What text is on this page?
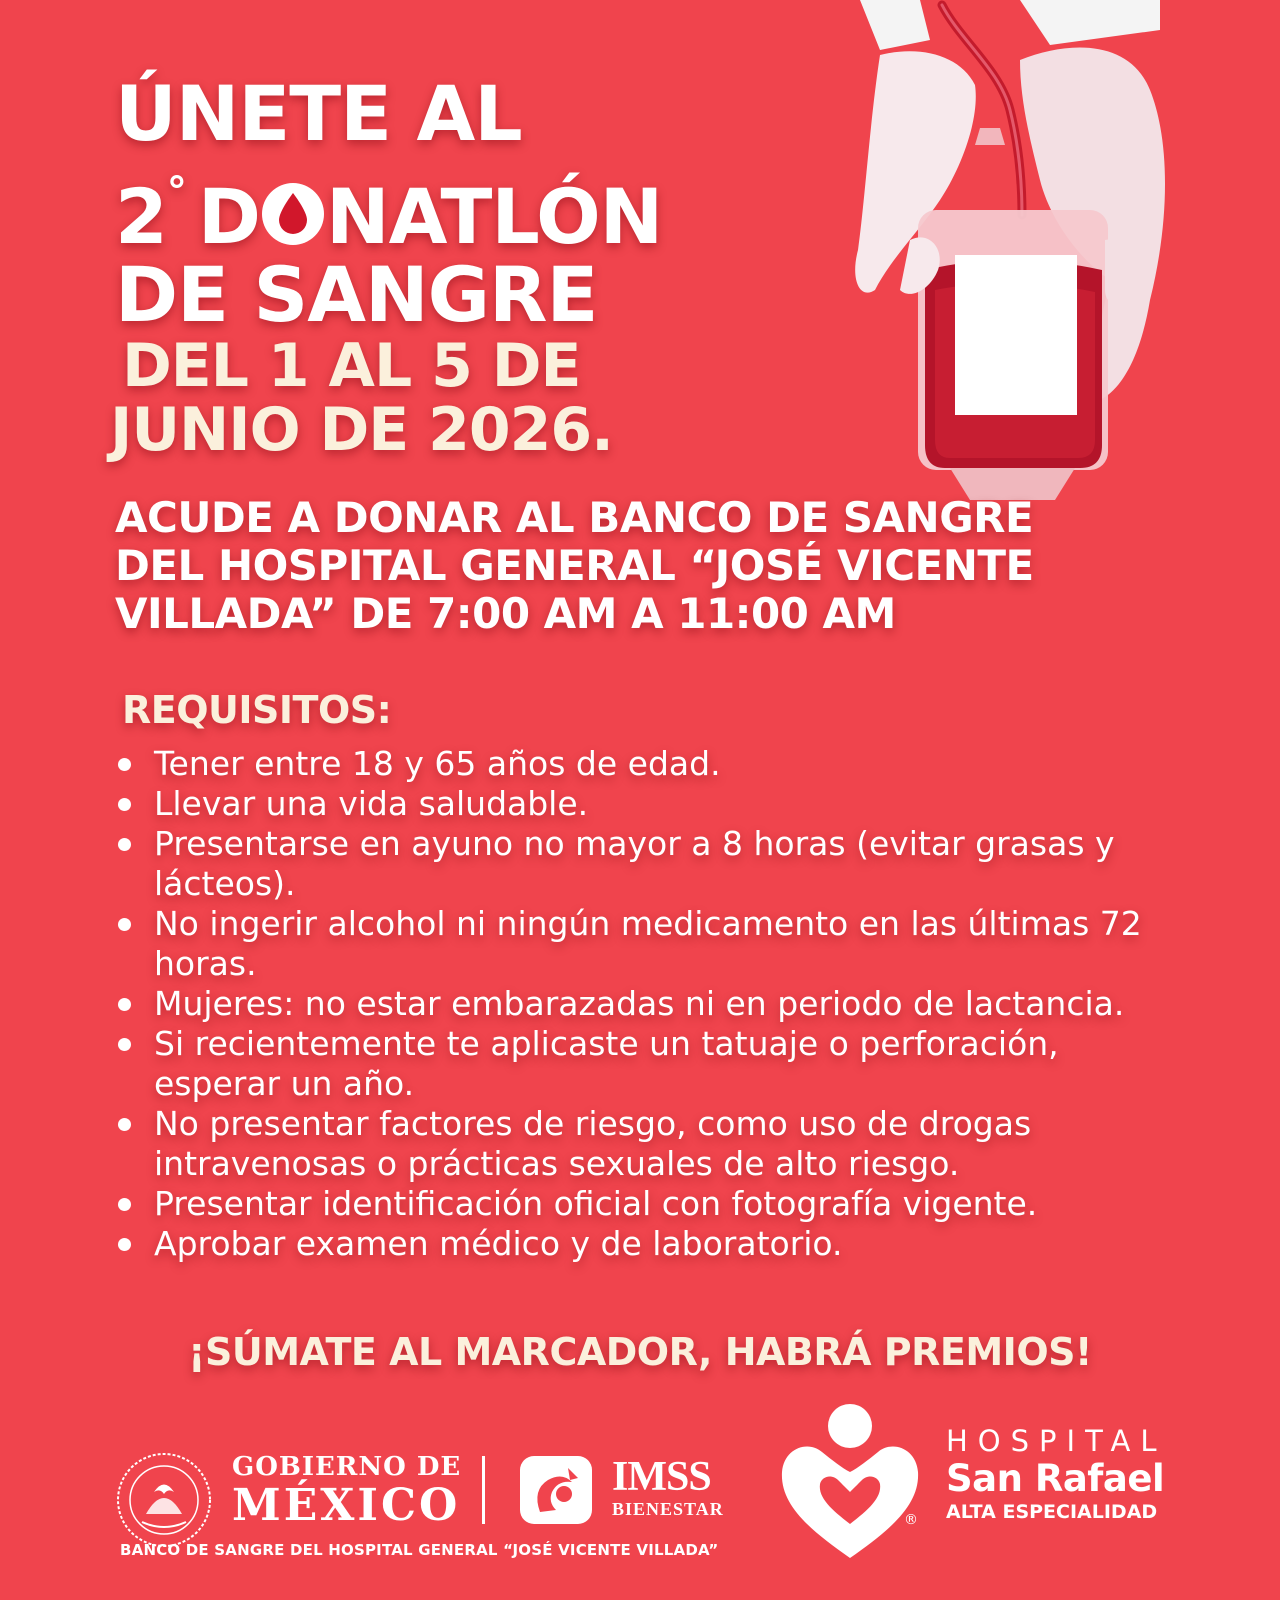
ÚNETE AL
2° D NATLÓN
DE SANGRE
DEL 1 AL 5 DE
JUNIO DE 2026.
ACUDE A DONAR AL BANCO DE SANGRE
DEL HOSPITAL GENERAL “JOSÉ VICENTE
VILLADA” DE 7:00 AM A 11:00 AM
REQUISITOS:
Tener entre 18 y 65 años de edad.
Llevar una vida saludable.
Presentarse en ayuno no mayor a 8 horas (evitar grasas y lácteos).
No ingerir alcohol ni ningún medicamento en las últimas 72 horas.
Mujeres: no estar embarazadas ni en periodo de lactancia.
Si recientemente te aplicaste un tatuaje o perforación, esperar un año.
No presentar factores de riesgo, como uso de drogas intravenosas o prácticas sexuales de alto riesgo.
Presentar identificación oficial con fotografía vigente.
Aprobar examen médico y de laboratorio.
¡SÚMATE AL MARCADOR, HABRÁ PREMIOS!
GOBIERNO DE
MÉXICO
IMSS
BIENESTAR
BANCO DE SANGRE DEL HOSPITAL GENERAL “JOSÉ VICENTE VILLADA”
®
HOSPITAL
San Rafael
ALTA ESPECIALIDAD
